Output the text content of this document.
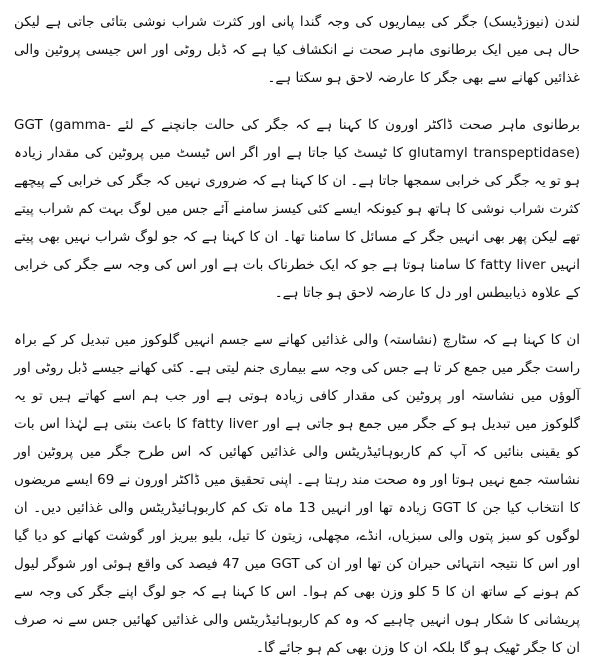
لندن (نیوزڈیسک) جگر کی بیماریوں کی وجہ گندا پانی اور کثرت شراب نوشی بتائی جاتی ہے لیکن حال ہی میں ایک برطانوی ماہر صحت نے انکشاف کیا ہے کہ ڈبل روٹی اور اس جیسی پروٹین والی غذائیں کھانے سے بھی جگر کا عارضہ لاحق ہو سکتا ہے۔

برطانوی ماہر صحت ڈاکٹر اورون کا کہنا ہے کہ جگر کی حالت جانچنے کے لئے GGT (gamma-glutamyl transpeptidase) کا ٹیسٹ کیا جاتا ہے اور اگر اس ٹیسٹ میں پروٹین کی مقدار زیادہ ہو تو یہ جگر کی خرابی سمجھا جاتا ہے۔ ان کا کہنا ہے کہ ضروری نہیں کہ جگر کی خرابی کے پیچھے کثرت شراب نوشی کا ہاتھ ہو کیونکہ ایسے کئی کیسز سامنے آئے جس میں لوگ بہت کم شراب پیتے تھے لیکن پھر بھی انہیں جگر کے مسائل کا سامنا تھا۔ ان کا کہنا ہے کہ جو لوگ شراب نہیں بھی پیتے انہیں fatty liver کا سامنا ہوتا ہے جو کہ ایک خطرناک بات ہے اور اس کی وجہ سے جگر کی خرابی کے علاوہ ذیابیطس اور دل کا عارضہ لاحق ہو جاتا ہے۔

ان کا کہنا ہے کہ سٹارچ (نشاستہ) والی غذائیں کھانے سے جسم انہیں گلوکوز میں تبدیل کر کے براہ راست جگر میں جمع کر تا ہے جس کی وجہ سے بیماری جنم لیتی ہے۔ کئی کھانے جیسے ڈبل روٹی اور آلوؤں میں نشاستہ اور پروٹین کی مقدار کافی زیادہ ہوتی ہے اور جب ہم اسے کھاتے ہیں تو یہ گلوکوز میں تبدیل ہو کے جگر میں جمع ہو جاتی ہے اور fatty liver کا باعث بنتی ہے لہٰذا اس بات کو یقینی بنائیں کہ آپ کم کاربوہائیڈریٹس والی غذائیں کھائیں کہ اس طرح جگر میں پروٹین اور نشاستہ جمع نہیں ہوتا اور وہ صحت مند رہتا ہے۔ اپنی تحقیق میں ڈاکٹر اورون نے 69 ایسے مریضوں کا انتخاب کیا جن کا GGT زیادہ تھا اور انہیں 13 ماہ تک کم کاربوہائیڈریٹس والی غذائیں دیں۔ ان لوگوں کو سبز پتوں والی سبزیاں، انڈے، مچھلی، زیتون کا تیل، بلیو بیریز اور گوشت کھانے کو دیا گیا اور اس کا نتیجہ انتہائی حیران کن تھا اور ان کی GGT میں 47 فیصد کی واقع ہوئی اور شوگر لیول کم ہونے کے ساتھ ان کا 5 کلو وزن بھی کم ہوا۔ اس کا کہنا ہے کہ جو لوگ اپنے جگر کی وجہ سے پریشانی کا شکار ہوں انہیں چاہیے کہ وہ کم کاربوہائیڈریٹس والی غذائیں کھائیں جس سے نہ صرف ان کا جگر ٹھیک ہو گا بلکہ ان کا وزن بھی کم ہو جائے گا۔
